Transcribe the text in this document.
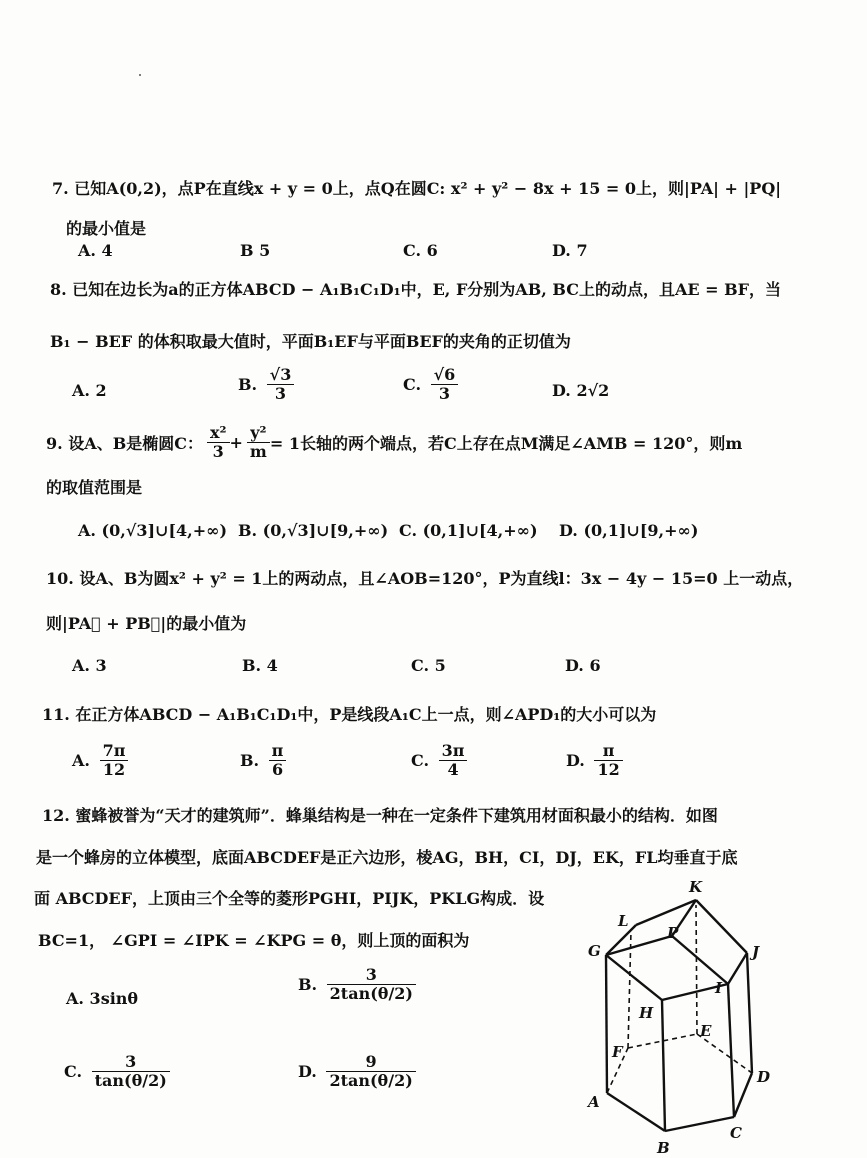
7. 已知A(0,2)，点P在直线x + y = 0上，点Q在圆C: x² + y² − 8x + 15 = 0上，则|PA| + |PQ|
的最小值是
A. 4	B 5	C. 6	D. 7
8. 已知在边长为a的正方体ABCD − A₁B₁C₁D₁中，E, F分别为AB, BC上的动点，且AE = BF，当
B₁ − BEF 的体积取最大值时，平面B₁EF与平面BEF的夹角的正切值为
A. 2	B. $\frac{√3}{3}$	C. $\frac{√6}{3}$	D. 2√2
9. 设A、B是椭圆C： $\frac{\text{x²}}{3} + \frac{\text{y²}}{m} = 1$长轴的两个端点，若C上存在点M满足∠AMB = 120°，则m
的取值范围是
A. (0,√3]∪[4,+∞) B. (0,√3]∪[9,+∞) C. (0,1]∪[4,+∞) D. (0,1]∪[9,+∞)
10. 设A、B为圆x² + y² = 1上的两动点，且∠AOB=120°，P为直线l：3x − 4y − 15=0 上一动点，
则|PA⃗ + PB⃗|的最小值为
A. 3	B. 4	C. 5	D. 6
11. 在正方体ABCD − A₁B₁C₁D₁中，P是线段A₁C上一点，则∠APD₁的大小可以为
A. $\frac{7\pi}{12}$	B. $\frac{\pi}{6}$	C. $\frac{3\pi}{4}$	D. $\frac{\pi}{12}$
12. 蜜蜂被誉为“天才的建筑师”．蜂巢结构是一种在一定条件下建筑用材面积最小的结构．如图
是一个蜂房的立体模型，底面ABCDEF是正六边形，棱AG，BH，CI，DJ，EK，FL均垂直于底
面 ABCDEF，上顶由三个全等的菱形PGHI，PIJK，PKLG构成．设
BC=1， ∠GPI = ∠IPK = ∠KPG = θ，则上顶的面积为
A. 3sinθ
B. $\frac{3}{2\tan(\theta/2)}$
C. $\frac{3}{\tan(\theta/2)}$	D. $\frac{9}{2\tan(\theta/2)}$
A
B
C
D
E
F
G
H
I
J
K
L
P
